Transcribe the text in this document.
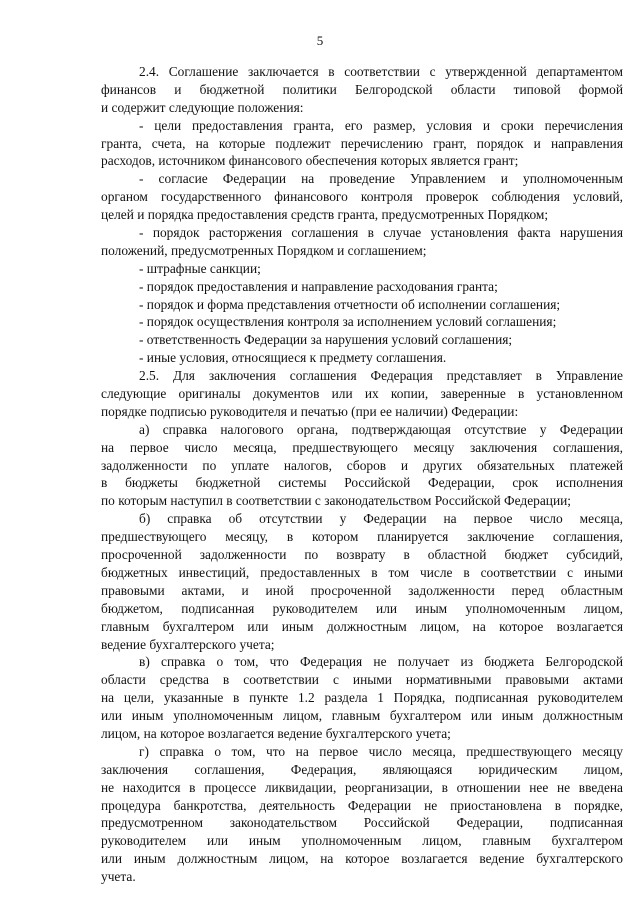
5
2.4. Соглашение заключается в соответствии с утвержденной департаментом
финансов и бюджетной политики Белгородской области типовой формой
и содержит следующие положения:
- цели предоставления гранта, его размер, условия и сроки перечисления
гранта, счета, на которые подлежит перечислению грант, порядок и направления
расходов, источником финансового обеспечения которых является грант;
- согласие Федерации на проведение Управлением и уполномоченным
органом государственного финансового контроля проверок соблюдения условий,
целей и порядка предоставления средств гранта, предусмотренных Порядком;
- порядок расторжения соглашения в случае установления факта нарушения
положений, предусмотренных Порядком и соглашением;
- штрафные санкции;
- порядок предоставления и направление расходования гранта;
- порядок и форма представления отчетности об исполнении соглашения;
- порядок осуществления контроля за исполнением условий соглашения;
- ответственность Федерации за нарушения условий соглашения;
- иные условия, относящиеся к предмету соглашения.
2.5. Для заключения соглашения Федерация представляет в Управление
следующие оригиналы документов или их копии, заверенные в установленном
порядке подписью руководителя и печатью (при ее наличии) Федерации:
а) справка налогового органа, подтверждающая отсутствие у Федерации
на первое число месяца, предшествующего месяцу заключения соглашения,
задолженности по уплате налогов, сборов и других обязательных платежей
в бюджеты бюджетной системы Российской Федерации, срок исполнения
по которым наступил в соответствии с законодательством Российской Федерации;
б) справка об отсутствии у Федерации на первое число месяца,
предшествующего месяцу, в котором планируется заключение соглашения,
просроченной задолженности по возврату в областной бюджет субсидий,
бюджетных инвестиций, предоставленных в том числе в соответствии с иными
правовыми актами, и иной просроченной задолженности перед областным
бюджетом, подписанная руководителем или иным уполномоченным лицом,
главным бухгалтером или иным должностным лицом, на которое возлагается
ведение бухгалтерского учета;
в) справка о том, что Федерация не получает из бюджета Белгородской
области средства в соответствии с иными нормативными правовыми актами
на цели, указанные в пункте 1.2 раздела 1 Порядка, подписанная руководителем
или иным уполномоченным лицом, главным бухгалтером или иным должностным
лицом, на которое возлагается ведение бухгалтерского учета;
г) справка о том, что на первое число месяца, предшествующего месяцу
заключения соглашения, Федерация, являющаяся юридическим лицом,
не находится в процессе ликвидации, реорганизации, в отношении нее не введена
процедура банкротства, деятельность Федерации не приостановлена в порядке,
предусмотренном законодательством Российской Федерации, подписанная
руководителем или иным уполномоченным лицом, главным бухгалтером
или иным должностным лицом, на которое возлагается ведение бухгалтерского
учета.
